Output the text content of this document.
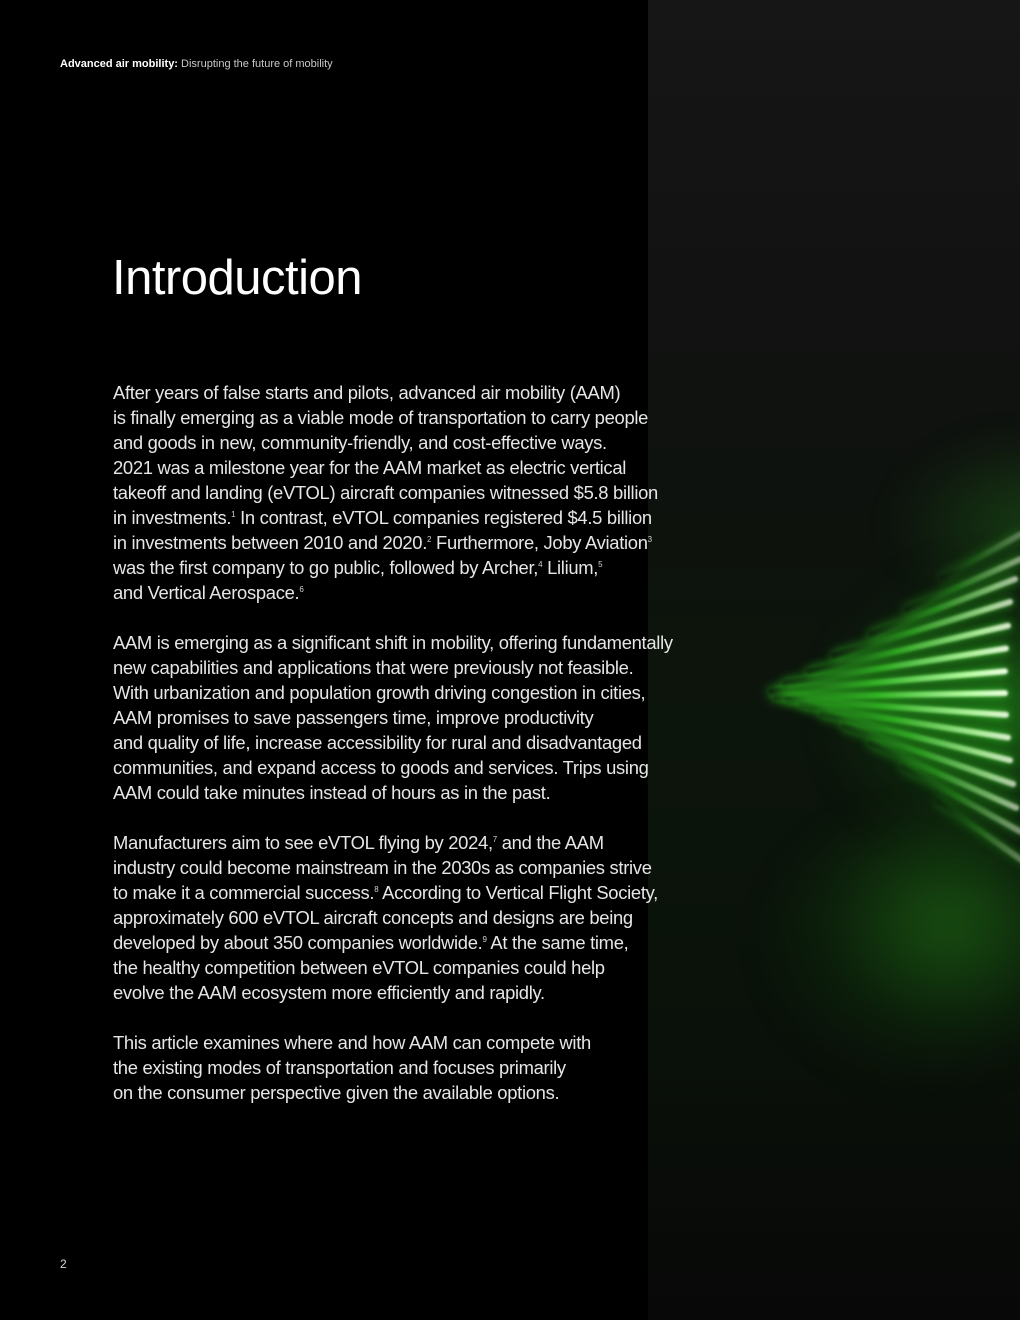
Advanced air mobility: Disrupting the future of mobility
Introduction

After years of false starts and pilots, advanced air mobility (AAM)
is finally emerging as a viable mode of transportation to carry people
and goods in new, community-friendly, and cost-effective ways.
2021 was a milestone year for the AAM market as electric vertical
takeoff and landing (eVTOL) aircraft companies witnessed $5.8 billion
in investments.$^1$ In contrast, eVTOL companies registered $4.5 billion
in investments between 2010 and 2020.$^2$ Furthermore, Joby Aviation$^3$
was the first company to go public, followed by Archer,$^4$ Lilium,$^5$
and Vertical Aerospace.$^6$

AAM is emerging as a significant shift in mobility, offering fundamentally
new capabilities and applications that were previously not feasible.
With urbanization and population growth driving congestion in cities,
AAM promises to save passengers time, improve productivity
and quality of life, increase accessibility for rural and disadvantaged
communities, and expand access to goods and services. Trips using
AAM could take minutes instead of hours as in the past.

Manufacturers aim to see eVTOL flying by 2024,$^7$ and the AAM
industry could become mainstream in the 2030s as companies strive
to make it a commercial success.$^8$ According to Vertical Flight Society,
approximately 600 eVTOL aircraft concepts and designs are being
developed by about 350 companies worldwide.$^9$ At the same time,
the healthy competition between eVTOL companies could help
evolve the AAM ecosystem more efficiently and rapidly.

This article examines where and how AAM can compete with
the existing modes of transportation and focuses primarily
on the consumer perspective given the available options.

2
